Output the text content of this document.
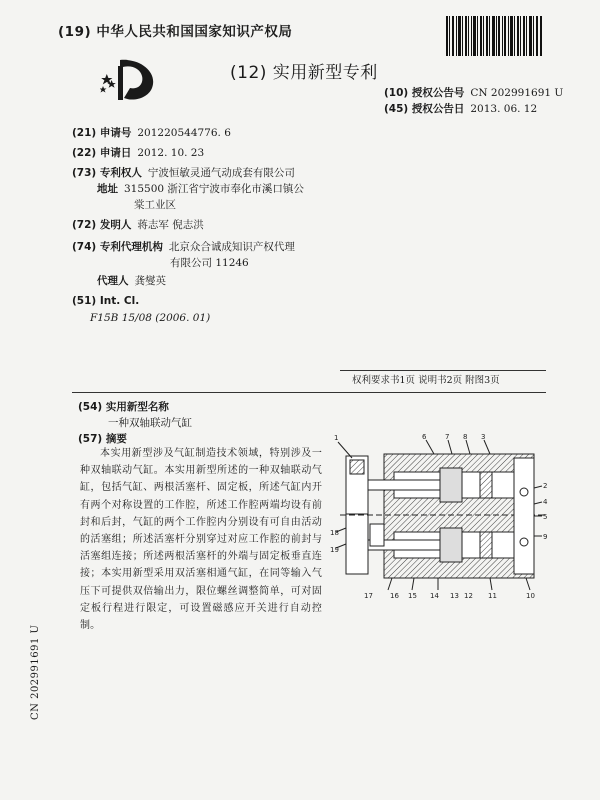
(19) 中华人民共和国国家知识产权局
(12) 实用新型专利
(10) 授权公告号 CN 202991691 U
(45) 授权公告日 2013. 06. 12
(21) 申请号 201220544776. 6
(22) 申请日 2012. 10. 23
(73) 专利权人 宁波恒敏灵通气动成套有限公司
地址 315500 浙江省宁波市奉化市溪口镇公
棠工业区
(72) 发明人 蒋志军 倪志洪
(74) 专利代理机构 北京众合诚成知识产权代理
有限公司 11246
代理人 龚燮英
(51) Int. Cl.
F15B 15/08 (2006. 01)
权利要求书1页 说明书2页 附图3页
(54) 实用新型名称
一种双轴联动气缸
(57) 摘要
本实用新型涉及气缸制造技术领域，特别涉及一种双轴联动气缸。本实用新型所述的一种双轴联动气缸，包括气缸、两根活塞杆、固定板，所述气缸内开有两个对称设置的工作腔，所述工作腔两端均设有前封和后封，气缸的两个工作腔内分别设有可自由活动的活塞组；所述活塞杆分别穿过对应工作腔的前封与活塞组连接；所述两根活塞杆的外端与固定板垂直连接；本实用新型采用双活塞相通气缸，在同等输入气压下可提供双倍输出力，限位螺丝调整简单，可对固定板行程进行限定，可设置磁感应开关进行自动控制。
1	6	7 8 3
2
4
5
9
10
11
12
13
14
15
16
17
18
19
CN 202991691 U
